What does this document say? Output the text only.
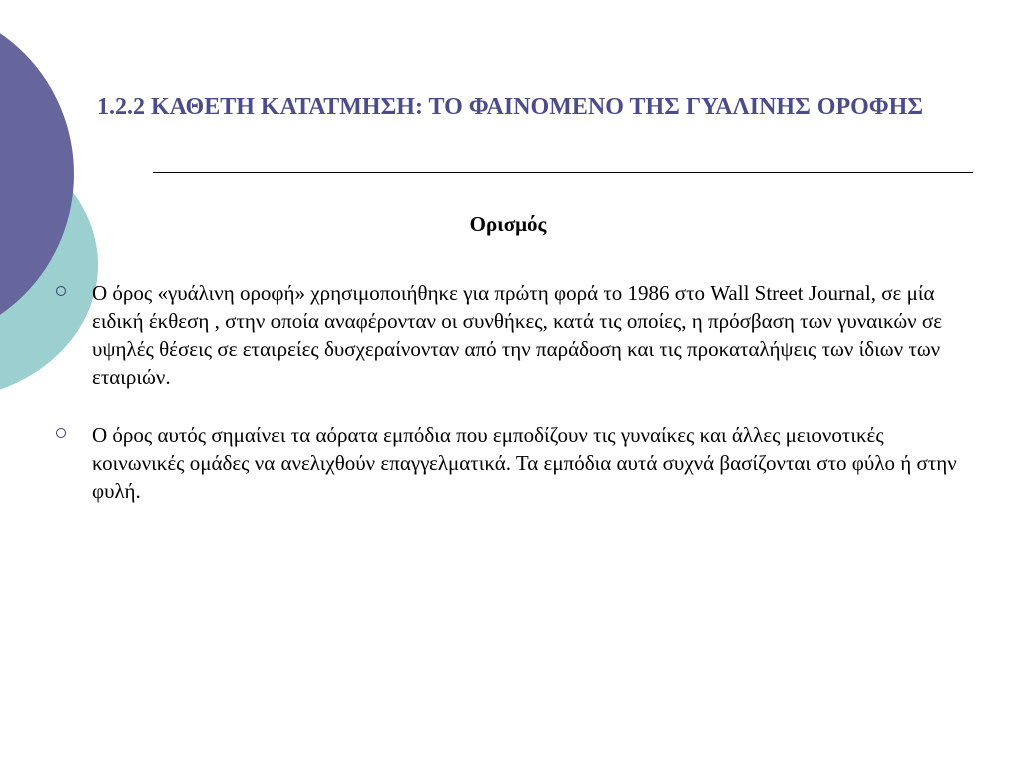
1.2.2 ΚΑΘΕΤΗ ΚΑΤΑΤΜΗΣΗ: ΤΟ ΦΑΙΝΟΜΕΝΟ ΤΗΣ ΓΥΑΛΙΝΗΣ ΟΡΟΦΗΣ
Ορισμός
Ο όρος «γυάλινη οροφή» χρησιμοποιήθηκε για πρώτη φορά το 1986 στο Wall Street Journal, σε μία ειδική έκθεση , στην οποία αναφέρονταν οι συνθήκες, κατά τις οποίες, η πρόσβαση των γυναικών σε υψηλές θέσεις σε εταιρείες δυσχεραίνονταν από την παράδοση και τις προκαταλήψεις των ίδιων των εταιριών.
Ο όρος αυτός σημαίνει τα αόρατα εμπόδια που εμποδίζουν τις γυναίκες και άλλες μειονοτικές κοινωνικές ομάδες να ανελιχθούν επαγγελματικά. Τα εμπόδια αυτά συχνά βασίζονται στο φύλο ή στην φυλή.
